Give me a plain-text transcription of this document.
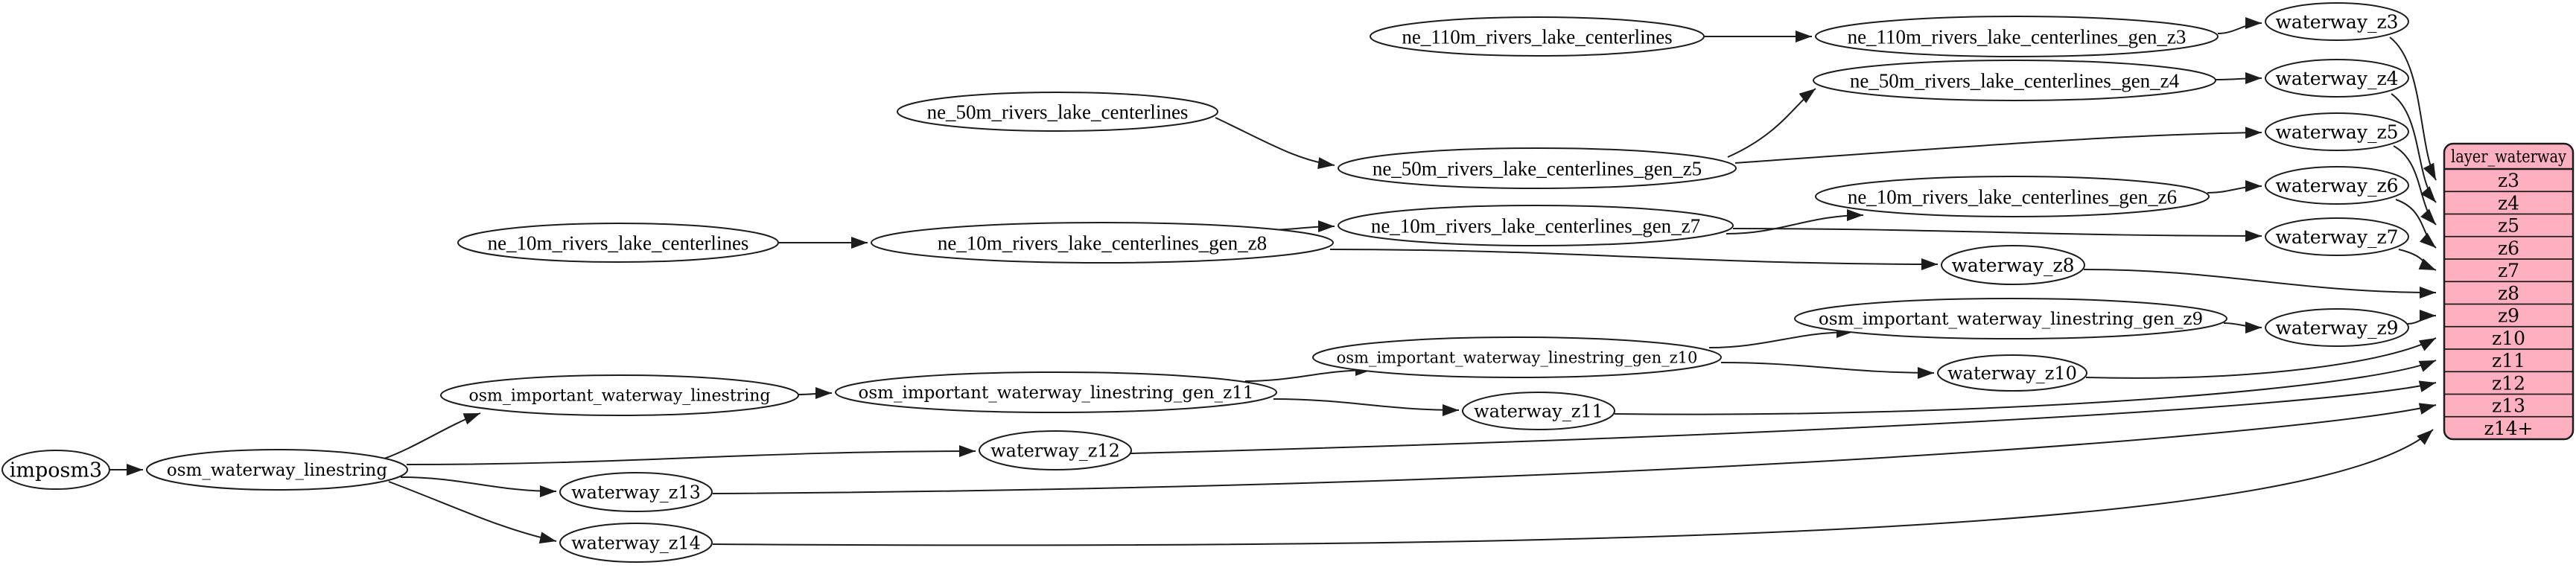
imposm3	osm_waterway_linestring
osm_important_waterway_linestring	osm_important_waterway_linestring_gen_z11
osm_important_waterway_linestring_gen_z10
osm_important_waterway_linestring_gen_z9	waterway_z9
waterway_z10
waterway_z11
waterway_z12
waterway_z13
waterway_z14
ne_10m_rivers_lake_centerlines	ne_10m_rivers_lake_centerlines_gen_z8
ne_10m_rivers_lake_centerlines_gen_z7
ne_10m_rivers_lake_centerlines_gen_z6
waterway_z6
waterway_z7
waterway_z8
ne_50m_rivers_lake_centerlines
ne_50m_rivers_lake_centerlines_gen_z5
ne_50m_rivers_lake_centerlines_gen_z4	waterway_z4
waterway_z5
ne_110m_rivers_lake_centerlines	ne_110m_rivers_lake_centerlines_gen_z3
waterway_z3
layer_waterway
z3
z4
z5
z6
z7
z8
z9
z10
z11
z12
z13
z14+
